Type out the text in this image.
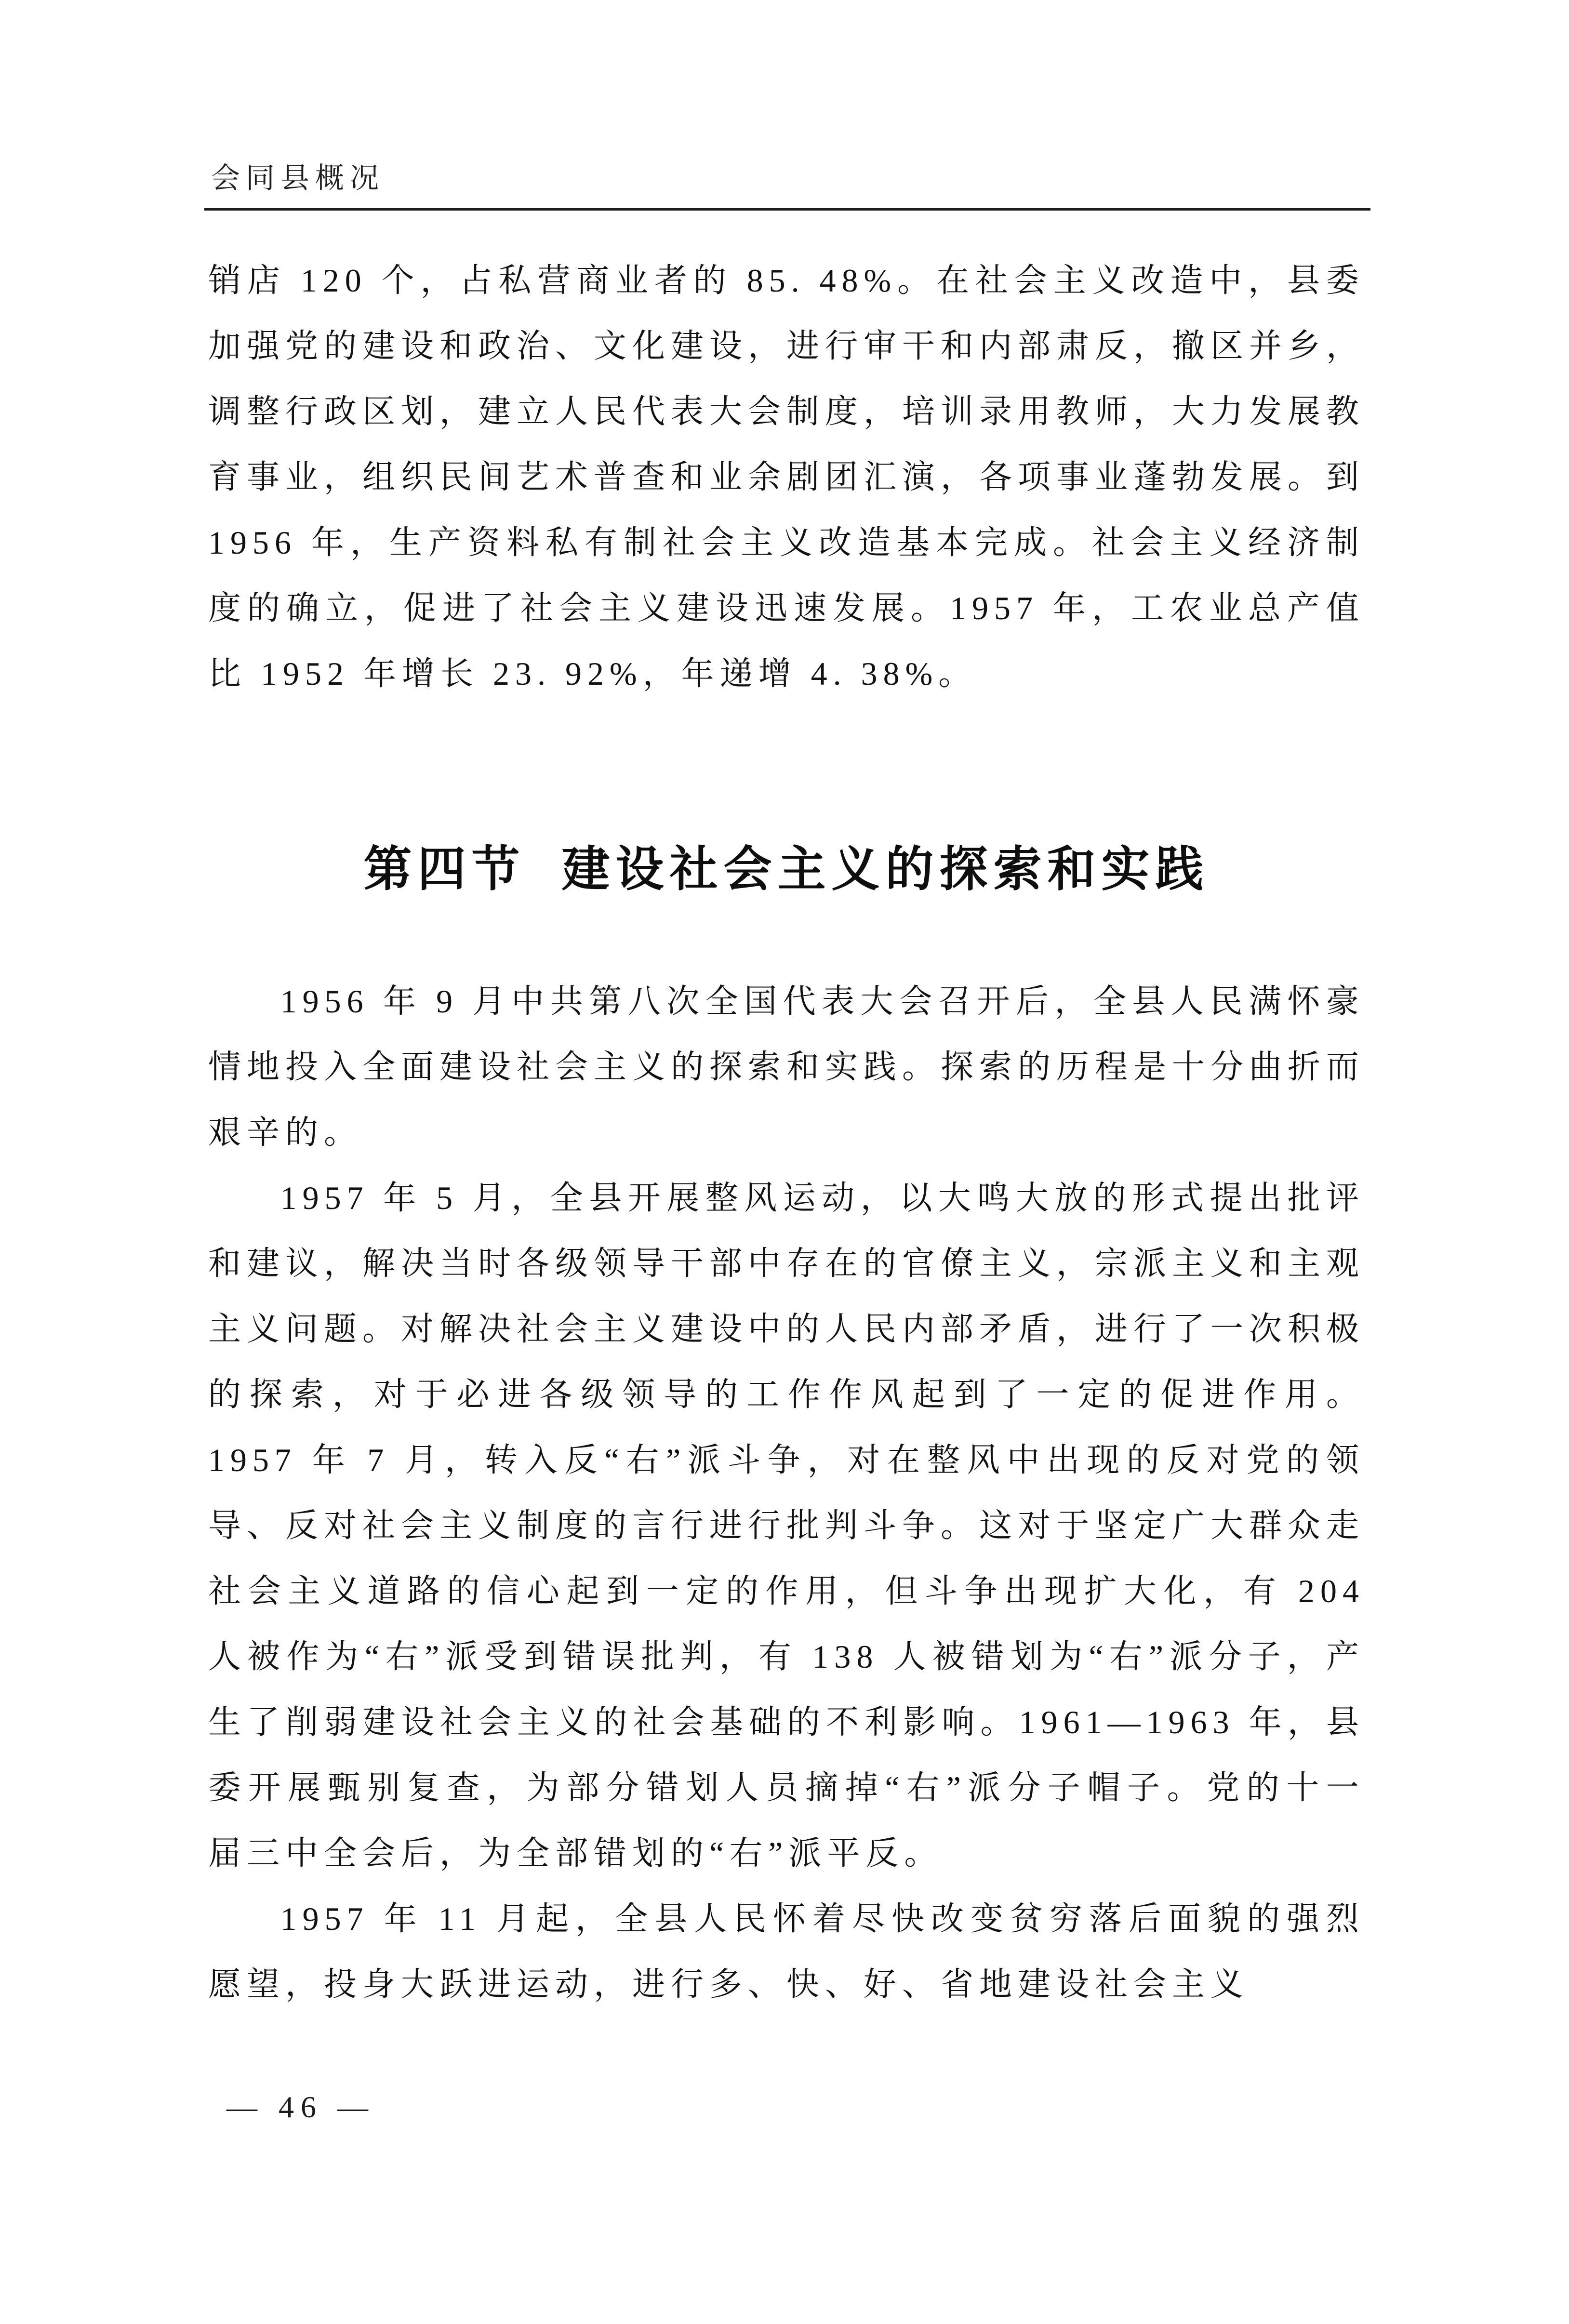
会同县概况

销店 120 个，占私营商业者的 85. 48%。在社会主义改造中，县委加强党的建设和政治、文化建设，进行审干和内部肃反，撤区并乡，调整行政区划，建立人民代表大会制度，培训录用教师，大力发展教育事业，组织民间艺术普查和业余剧团汇演，各项事业蓬勃发展。到 1956 年，生产资料私有制社会主义改造基本完成。社会主义经济制度的确立，促进了社会主义建设迅速发展。1957 年，工农业总产值比 1952 年增长 23. 92%，年递增 4. 38%。

第四节 建设社会主义的探索和实践

1956 年 9 月中共第八次全国代表大会召开后，全县人民满怀豪情地投入全面建设社会主义的探索和实践。探索的历程是十分曲折而艰辛的。

1957 年 5 月，全县开展整风运动，以大鸣大放的形式提出批评和建议，解决当时各级领导干部中存在的官僚主义，宗派主义和主观主义问题。对解决社会主义建设中的人民内部矛盾，进行了一次积极的探索，对于必进各级领导的工作作风起到了一定的促进作用。1957 年 7 月，转入反“右”派斗争，对在整风中出现的反对党的领导、反对社会主义制度的言行进行批判斗争。这对于坚定广大群众走社会主义道路的信心起到一定的作用，但斗争出现扩大化，有 204 人被作为“右”派受到错误批判，有 138 人被错划为“右”派分子，产生了削弱建设社会主义的社会基础的不利影响。1961—1963 年，县委开展甄别复查，为部分错划人员摘掉“右”派分子帽子。党的十一届三中全会后，为全部错划的“右”派平反。

1957 年 11 月起，全县人民怀着尽快改变贫穷落后面貌的强烈愿望，投身大跃进运动，进行多、快、好、省地建设社会主义

— 46 —
